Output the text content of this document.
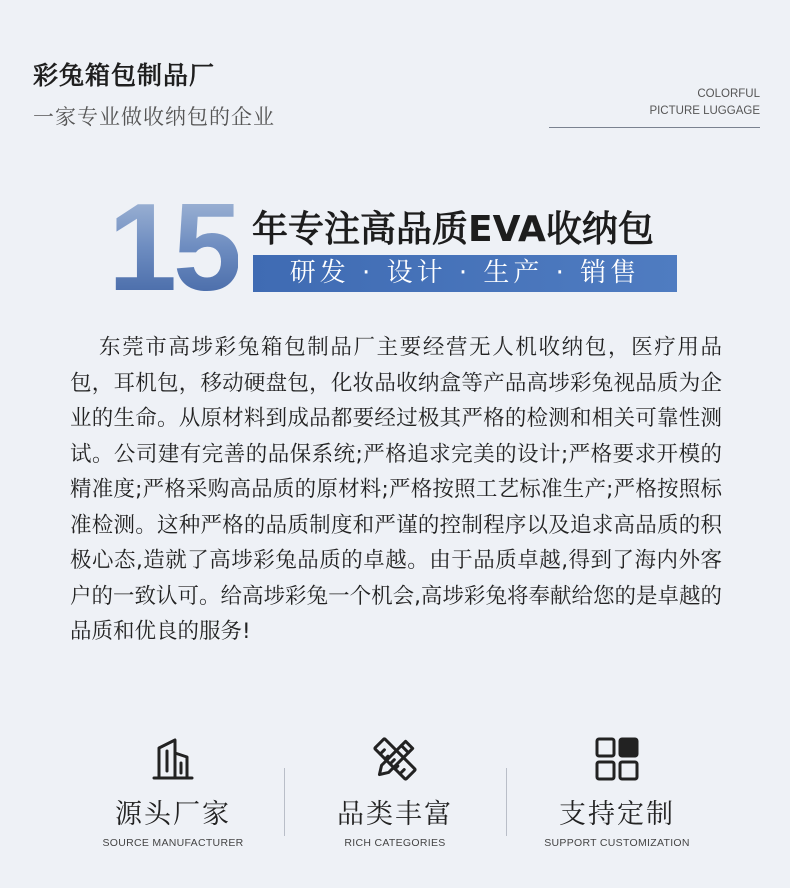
彩兔箱包制品厂
一家专业做收纳包的企业
COLORFUL
PICTURE LUGGAGE
15 年专注高品质EVA收纳包
研发 · 设计 · 生产 · 销售

东莞市高埗彩兔箱包制品厂主要经营无人机收纳包，医疗用品包，耳机包，移动硬盘包，化妆品收纳盒等产品高埗彩兔视品质为企业的生命。从原材料到成品都要经过极其严格的检测和相关可靠性测试。公司建有完善的品保系统;严格追求完美的设计;严格要求开模的精准度;严格采购高品质的原材料;严格按照工艺标准生产;严格按照标准检测。这种严格的品质制度和严谨的控制程序以及追求高品质的积极心态,造就了高埗彩兔品质的卓越。由于品质卓越,得到了海内外客户的一致认可。给高埗彩兔一个机会,高埗彩兔将奉献给您的是卓越的品质和优良的服务!

源头厂家
SOURCE MANUFACTURER
品类丰富
RICH CATEGORIES
支持定制
SUPPORT CUSTOMIZATION
